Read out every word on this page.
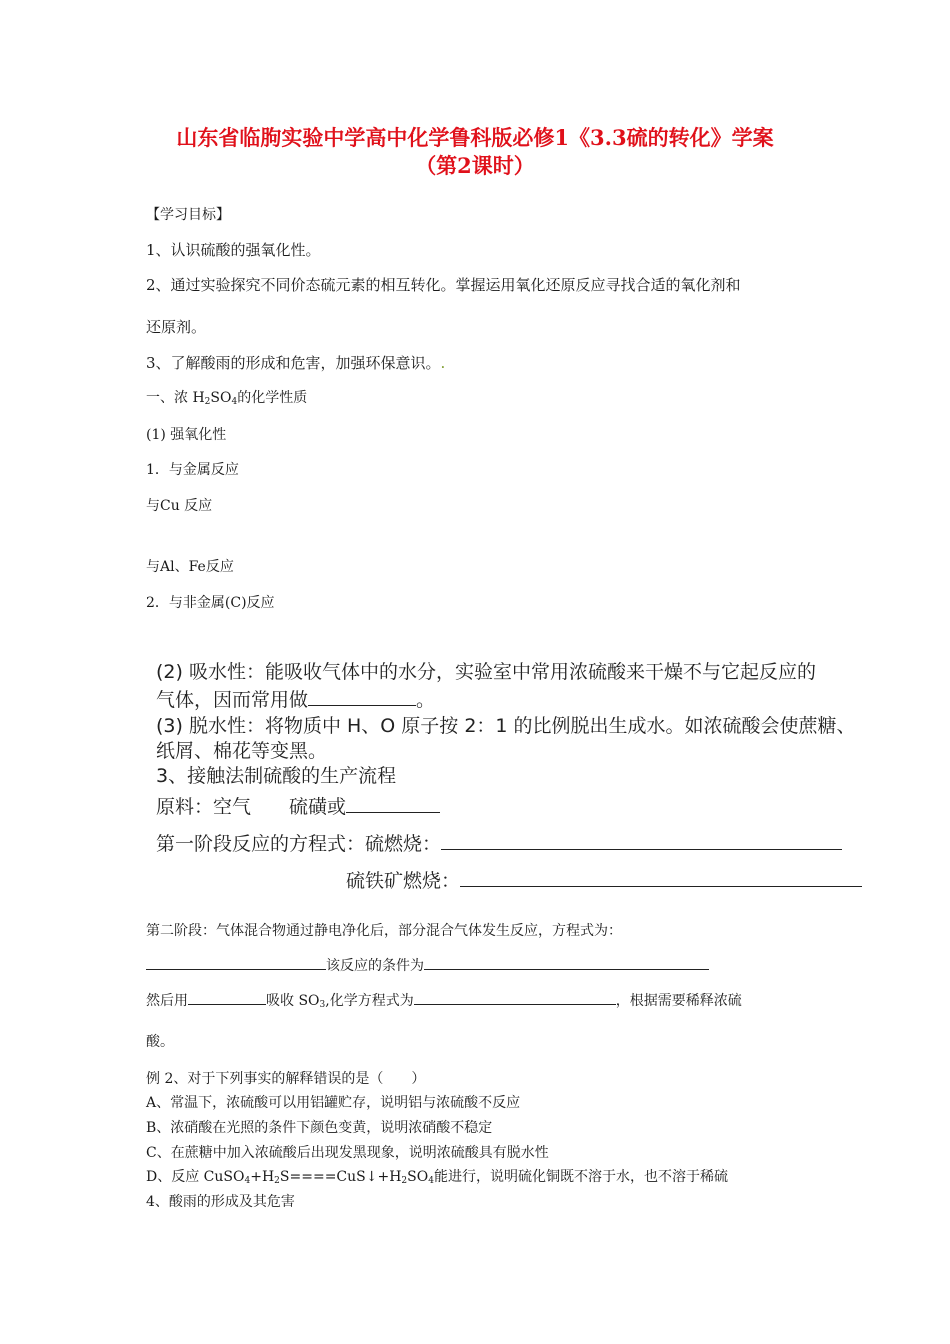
山东省临朐实验中学高中化学鲁科版必修1《3.3硫的转化》学案
（第2课时）
【学习目标】
1、认识硫酸的强氧化性。
2、通过实验探究不同价态硫元素的相互转化。掌握运用氧化还原反应寻找合适的氧化剂和
还原剂。
3、了解酸雨的形成和危害，加强环保意识。.
一、浓 $H_2SO_4$的化学性质
(1) 强氧化性
1．与金属反应
与Cu 反应
与Al、Fe反应
2．与非金属(C)反应
(2) 吸水性：能吸收气体中的水分，实验室中常用浓硫酸来干燥不与它起反应的
气体，因而常用做	。
(3) 脱水性：将物质中 H、O 原子按 2：1 的比例脱出生成水。如浓硫酸会使蔗糖、
纸屑、棉花等变黑。
3、接触法制硫酸的生产流程
原料：空气 硫磺或
第一阶段反应的方程式：硫燃烧：
硫铁矿燃烧：
第二阶段：气体混合物通过静电净化后，部分混合气体发生反应，方程式为：
该反应的条件为
然后用	吸收 $SO_3$,化学方程式为	，根据需要稀释浓硫
酸。
例 2、对于下列事实的解释错误的是（　　）
A、常温下，浓硫酸可以用铝罐贮存，说明铝与浓硫酸不反应
B、浓硝酸在光照的条件下颜色变黄，说明浓硝酸不稳定
C、在蔗糖中加入浓硫酸后出现发黑现象，说明浓硫酸具有脱水性
D、反应 $CuSO_4+H_2S====CuS↓+H_2SO_4$能进行，说明硫化铜既不溶于水，也不溶于稀硫
4、酸雨的形成及其危害
